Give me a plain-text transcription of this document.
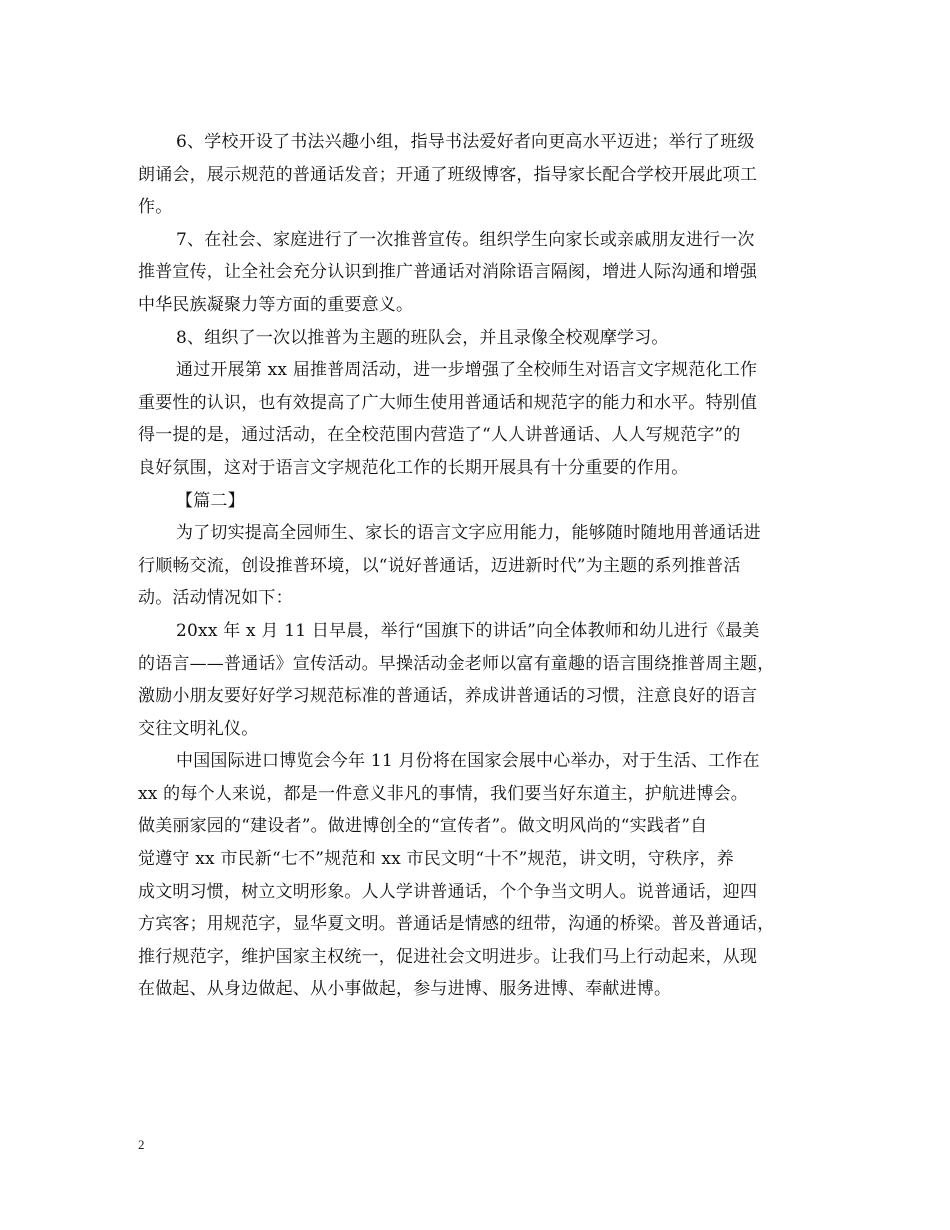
6、学校开设了书法兴趣小组，指导书法爱好者向更高水平迈进；举行了班级
朗诵会，展示规范的普通话发音；开通了班级博客，指导家长配合学校开展此项工
作。
7、在社会、家庭进行了一次推普宣传。组织学生向家长或亲戚朋友进行一次
推普宣传，让全社会充分认识到推广普通话对消除语言隔阂，增进人际沟通和增强
中华民族凝聚力等方面的重要意义。
8、组织了一次以推普为主题的班队会，并且录像全校观摩学习。
通过开展第 xx 届推普周活动，进一步增强了全校师生对语言文字规范化工作
重要性的认识，也有效提高了广大师生使用普通话和规范字的能力和水平。特别值
得一提的是，通过活动，在全校范围内营造了“人人讲普通话、人人写规范字”的
良好氛围，这对于语言文字规范化工作的长期开展具有十分重要的作用。
【篇二】
为了切实提高全园师生、家长的语言文字应用能力，能够随时随地用普通话进
行顺畅交流，创设推普环境，以“说好普通话，迈进新时代”为主题的系列推普活
动。活动情况如下：
20xx 年 x 月 11 日早晨，举行“国旗下的讲话”向全体教师和幼儿进行《最美
的语言——普通话》宣传活动。早操活动金老师以富有童趣的语言围绕推普周主题，
激励小朋友要好好学习规范标准的普通话，养成讲普通话的习惯，注意良好的语言
交往文明礼仪。
中国国际进口博览会今年 11 月份将在国家会展中心举办，对于生活、工作在
xx 的每个人来说，都是一件意义非凡的事情，我们要当好东道主，护航进博会。
做美丽家园的“建设者”。做进博创全的“宣传者”。做文明风尚的“实践者”自
觉遵守 xx 市民新“七不”规范和 xx 市民文明“十不”规范，讲文明，守秩序，养
成文明习惯，树立文明形象。人人学讲普通话，个个争当文明人。说普通话，迎四
方宾客；用规范字，显华夏文明。普通话是情感的纽带，沟通的桥梁。普及普通话，
推行规范字，维护国家主权统一，促进社会文明进步。让我们马上行动起来，从现
在做起、从身边做起、从小事做起，参与进博、服务进博、奉献进博。
2
